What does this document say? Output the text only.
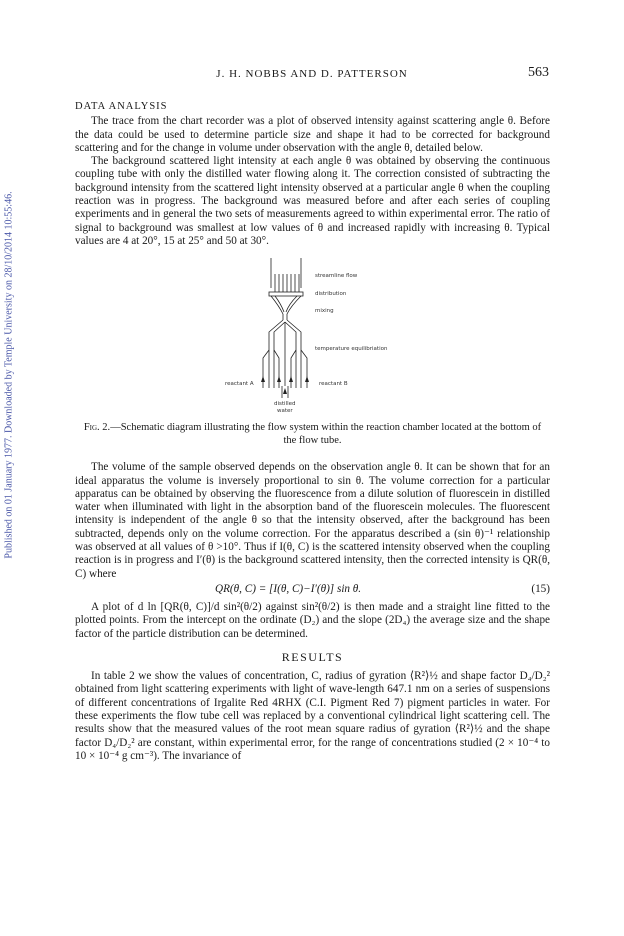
Published on 01 January 1977. Downloaded by Temple University on 28/10/2014 10:55:46.
J. H. NOBBS AND D. PATTERSON	563
DATA ANALYSIS

The trace from the chart recorder was a plot of observed intensity against scattering angle θ. Before the data could be used to determine particle size and shape it had to be corrected for background scattering and for the change in volume under observation with the angle θ, detailed below.

The background scattered light intensity at each angle θ was obtained by observing the continuous coupling tube with only the distilled water flowing along it. The correction consisted of subtracting the background intensity from the scattered light intensity observed at a particular angle θ when the coupling reaction was in progress. The background was measured before and after each series of coupling experiments and in general the two sets of measurements agreed to within experimental error. The ratio of signal to background was smallest at low values of θ and increased rapidly with increasing θ. Typical values are 4 at 20°, 15 at 25° and 50 at 30°.

streamline flow
distribution
mixing
temperature equilibriation
reactant A	reactant B
distilled
water

Fig. 2.—Schematic diagram illustrating the flow system within the reaction chamber located at the bottom of the flow tube.

The volume of the sample observed depends on the observation angle θ. It can be shown that for an ideal apparatus the volume is inversely proportional to sin θ. The volume correction for a particular apparatus can be obtained by observing the fluorescence from a dilute solution of fluorescein in distilled water when illuminated with light in the absorption band of the fluorescein molecules. The fluorescent intensity is independent of the angle θ so that the intensity observed, after the background has been subtracted, depends only on the volume correction. For the apparatus described a (sin θ)⁻¹ relationship was observed at all values of θ >10°. Thus if I(θ, C) is the scattered intensity observed when the coupling reaction is in progress and I′(θ) is the background scattered intensity, then the corrected intensity is QR(θ, C) where

QR(θ, C) = [I(θ, C)−I′(θ)] sin θ.	(15)

A plot of d ln [QR(θ, C)]/d sin²(θ/2) against sin²(θ/2) is then made and a straight line fitted to the plotted points. From the intercept on the ordinate (D₂) and the slope (2D₄) the average size and the shape factor of the particle distribution can be determined.

RESULTS

In table 2 we show the values of concentration, C, radius of gyration ⟨R²⟩½ and shape factor D₄/D₂² obtained from light scattering experiments with light of wave-length 647.1 nm on a series of suspensions of different concentrations of Irgalite Red 4RHX (C.I. Pigment Red 7) pigment particles in water. For these experiments the flow tube cell was replaced by a conventional cylindrical light scattering cell. The results show that the measured values of the root mean square radius of gyration ⟨R²⟩½ and the shape factor D₄/D₂² are constant, within experimental error, for the range of concentrations studied (2 × 10⁻⁴ to 10 × 10⁻⁴ g cm⁻³). The invariance of
